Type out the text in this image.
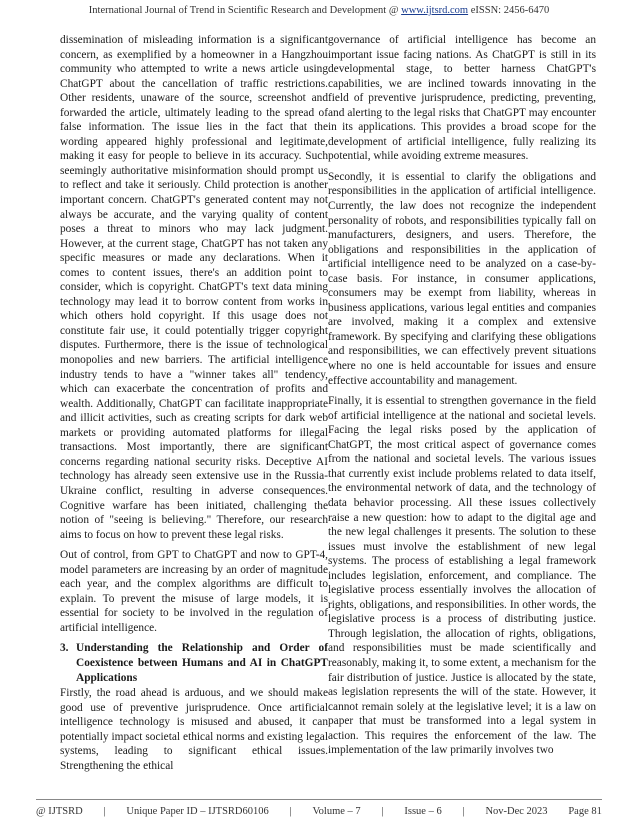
International Journal of Trend in Scientific Research and Development @ www.ijtsrd.com eISSN: 2456-6470

dissemination of misleading information is a significant concern, as exemplified by a homeowner in a Hangzhou community who attempted to write a news article using ChatGPT about the cancellation of traffic restrictions. Other residents, unaware of the source, screenshot and forwarded the article, ultimately leading to the spread of false information. The issue lies in the fact that the wording appeared highly professional and legitimate, making it easy for people to believe in its accuracy. Such seemingly authoritative misinformation should prompt us to reflect and take it seriously. Child protection is another important concern. ChatGPT's generated content may not always be accurate, and the varying quality of content poses a threat to minors who may lack judgment. However, at the current stage, ChatGPT has not taken any specific measures or made any declarations. When it comes to content issues, there's an addition point to consider, which is copyright. ChatGPT's text data mining technology may lead it to borrow content from works in which others hold copyright. If this usage does not constitute fair use, it could potentially trigger copyright disputes. Furthermore, there is the issue of technological monopolies and new barriers. The artificial intelligence industry tends to have a "winner takes all" tendency, which can exacerbate the concentration of profits and wealth. Additionally, ChatGPT can facilitate inappropriate and illicit activities, such as creating scripts for dark web markets or providing automated platforms for illegal transactions. Most importantly, there are significant concerns regarding national security risks. Deceptive AI technology has already seen extensive use in the Russia-Ukraine conflict, resulting in adverse consequences. Cognitive warfare has been initiated, challenging the notion of "seeing is believing." Therefore, our research aims to focus on how to prevent these legal risks.

Out of control, from GPT to ChatGPT and now to GPT-4, model parameters are increasing by an order of magnitude each year, and the complex algorithms are difficult to explain. To prevent the misuse of large models, it is essential for society to be involved in the regulation of artificial intelligence.

3. Understanding the Relationship and Order of Coexistence between Humans and AI in ChatGPT Applications

Firstly, the road ahead is arduous, and we should make good use of preventive jurisprudence. Once artificial intelligence technology is misused and abused, it can potentially impact societal ethical norms and existing legal systems, leading to significant ethical issues. Strengthening the ethical

governance of artificial intelligence has become an important issue facing nations. As ChatGPT is still in its developmental stage, to better harness ChatGPT's capabilities, we are inclined towards innovating in the field of preventive jurisprudence, predicting, preventing, and alerting to the legal risks that ChatGPT may encounter in its applications. This provides a broad scope for the development of artificial intelligence, fully realizing its potential, while avoiding extreme measures.

Secondly, it is essential to clarify the obligations and responsibilities in the application of artificial intelligence. Currently, the law does not recognize the independent personality of robots, and responsibilities typically fall on manufacturers, designers, and users. Therefore, the obligations and responsibilities in the application of artificial intelligence need to be analyzed on a case-by-case basis. For instance, in consumer applications, consumers may be exempt from liability, whereas in business applications, various legal entities and companies are involved, making it a complex and extensive framework. By specifying and clarifying these obligations and responsibilities, we can effectively prevent situations where no one is held accountable for issues and ensure effective accountability and management.

Finally, it is essential to strengthen governance in the field of artificial intelligence at the national and societal levels. Facing the legal risks posed by the application of ChatGPT, the most critical aspect of governance comes from the national and societal levels. The various issues that currently exist include problems related to data itself, the environmental network of data, and the technology of data behavior processing. All these issues collectively raise a new question: how to adapt to the digital age and the new legal challenges it presents. The solution to these issues must involve the establishment of new legal systems. The process of establishing a legal framework includes legislation, enforcement, and compliance. The legislative process essentially involves the allocation of rights, obligations, and responsibilities. In other words, the legislative process is a process of distributing justice. Through legislation, the allocation of rights, obligations, and responsibilities must be made scientifically and reasonably, making it, to some extent, a mechanism for the fair distribution of justice. Justice is allocated by the state, as legislation represents the will of the state. However, it cannot remain solely at the legislative level; it is a law on paper that must be transformed into a legal system in action. This requires the enforcement of the law. The implementation of the law primarily involves two

@ IJTSRD | Unique Paper ID – IJTSRD60106 | Volume – 7 | Issue – 6 | Nov-Dec 2023 Page 81
